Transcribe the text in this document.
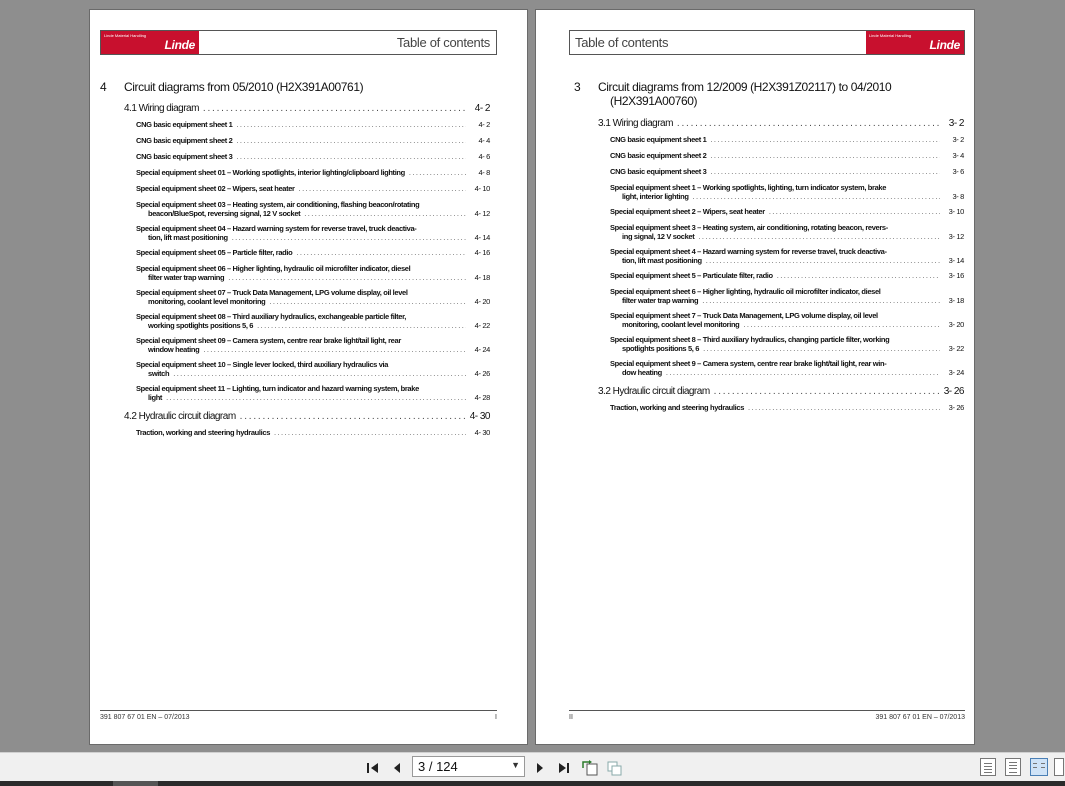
Linde Material Handling
Linde	Table of contents
4 Circuit diagrams from 05/2010 (H2X391A00761)
4.1 Wiring diagram . . .	4- 2
CNG basic equipment sheet 1 . . .	4- 2
CNG basic equipment sheet 2 . . .	4- 4
CNG basic equipment sheet 3 . . .	4- 6
Special equipment sheet 01 – Working spotlights, interior lighting/clipboard lighting . . .	4- 8
Special equipment sheet 02 – Wipers, seat heater . . .	4- 10
Special equipment sheet 03 – Heating system, air conditioning, flashing beacon/rotating
beacon/BlueSpot, reversing signal, 12 V socket . . .	4- 12
Special equipment sheet 04 – Hazard warning system for reverse travel, truck deactiva-
tion, lift mast positioning . . .	4- 14
Special equipment sheet 05 – Particle filter, radio . . .	4- 16
Special equipment sheet 06 – Higher lighting, hydraulic oil microfilter indicator, diesel
filter water trap warning . . .	4- 18
Special equipment sheet 07 – Truck Data Management, LPG volume display, oil level
monitoring, coolant level monitoring . . .	4- 20
Special equipment sheet 08 – Third auxiliary hydraulics, exchangeable particle filter,
working spotlights positions 5, 6 . . .	4- 22
Special equipment sheet 09 – Camera system, centre rear brake light/tail light, rear
window heating . . .	4- 24
Special equipment sheet 10 – Single lever locked, third auxiliary hydraulics via
switch . . .	4- 26
Special equipment sheet 11 – Lighting, turn indicator and hazard warning system, brake
light . . .	4- 28
4.2 Hydraulic circuit diagram . . .	4- 30
Traction, working and steering hydraulics . . .	4- 30
391 807 67 01 EN – 07/2013	I
Table of contents	Linde Material Handling
Linde
3 Circuit diagrams from 12/2009 (H2X391Z02117) to 04/2010
(H2X391A00760)
3.1 Wiring diagram . . .	3- 2
CNG basic equipment sheet 1 . . .	3- 2
CNG basic equipment sheet 2 . . .	3- 4
CNG basic equipment sheet 3 . . .	3- 6
Special equipment sheet 1 – Working spotlights, lighting, turn indicator system, brake
light, interior lighting . . .	3- 8
Special equipment sheet 2 – Wipers, seat heater . . .	3- 10
Special equipment sheet 3 – Heating system, air conditioning, rotating beacon, revers-
ing signal, 12 V socket . . .	3- 12
Special equipment sheet 4 – Hazard warning system for reverse travel, truck deactiva-
tion, lift mast positioning . . .	3- 14
Special equipment sheet 5 – Particulate filter, radio . . .	3- 16
Special equipment sheet 6 – Higher lighting, hydraulic oil microfilter indicator, diesel
filter water trap warning . . .	3- 18
Special equipment sheet 7 – Truck Data Management, LPG volume display, oil level
monitoring, coolant level monitoring . . .	3- 20
Special equipment sheet 8 – Third auxiliary hydraulics, changing particle filter, working
spotlights positions 5, 6 . . .	3- 22
Special equipment sheet 9 – Camera system, centre rear brake light/tail light, rear win-
dow heating . . .	3- 24
3.2 Hydraulic circuit diagram . . .	3- 26
Traction, working and steering hydraulics . . .	3- 26
II	391 807 67 01 EN – 07/2013
3 / 124	▼
